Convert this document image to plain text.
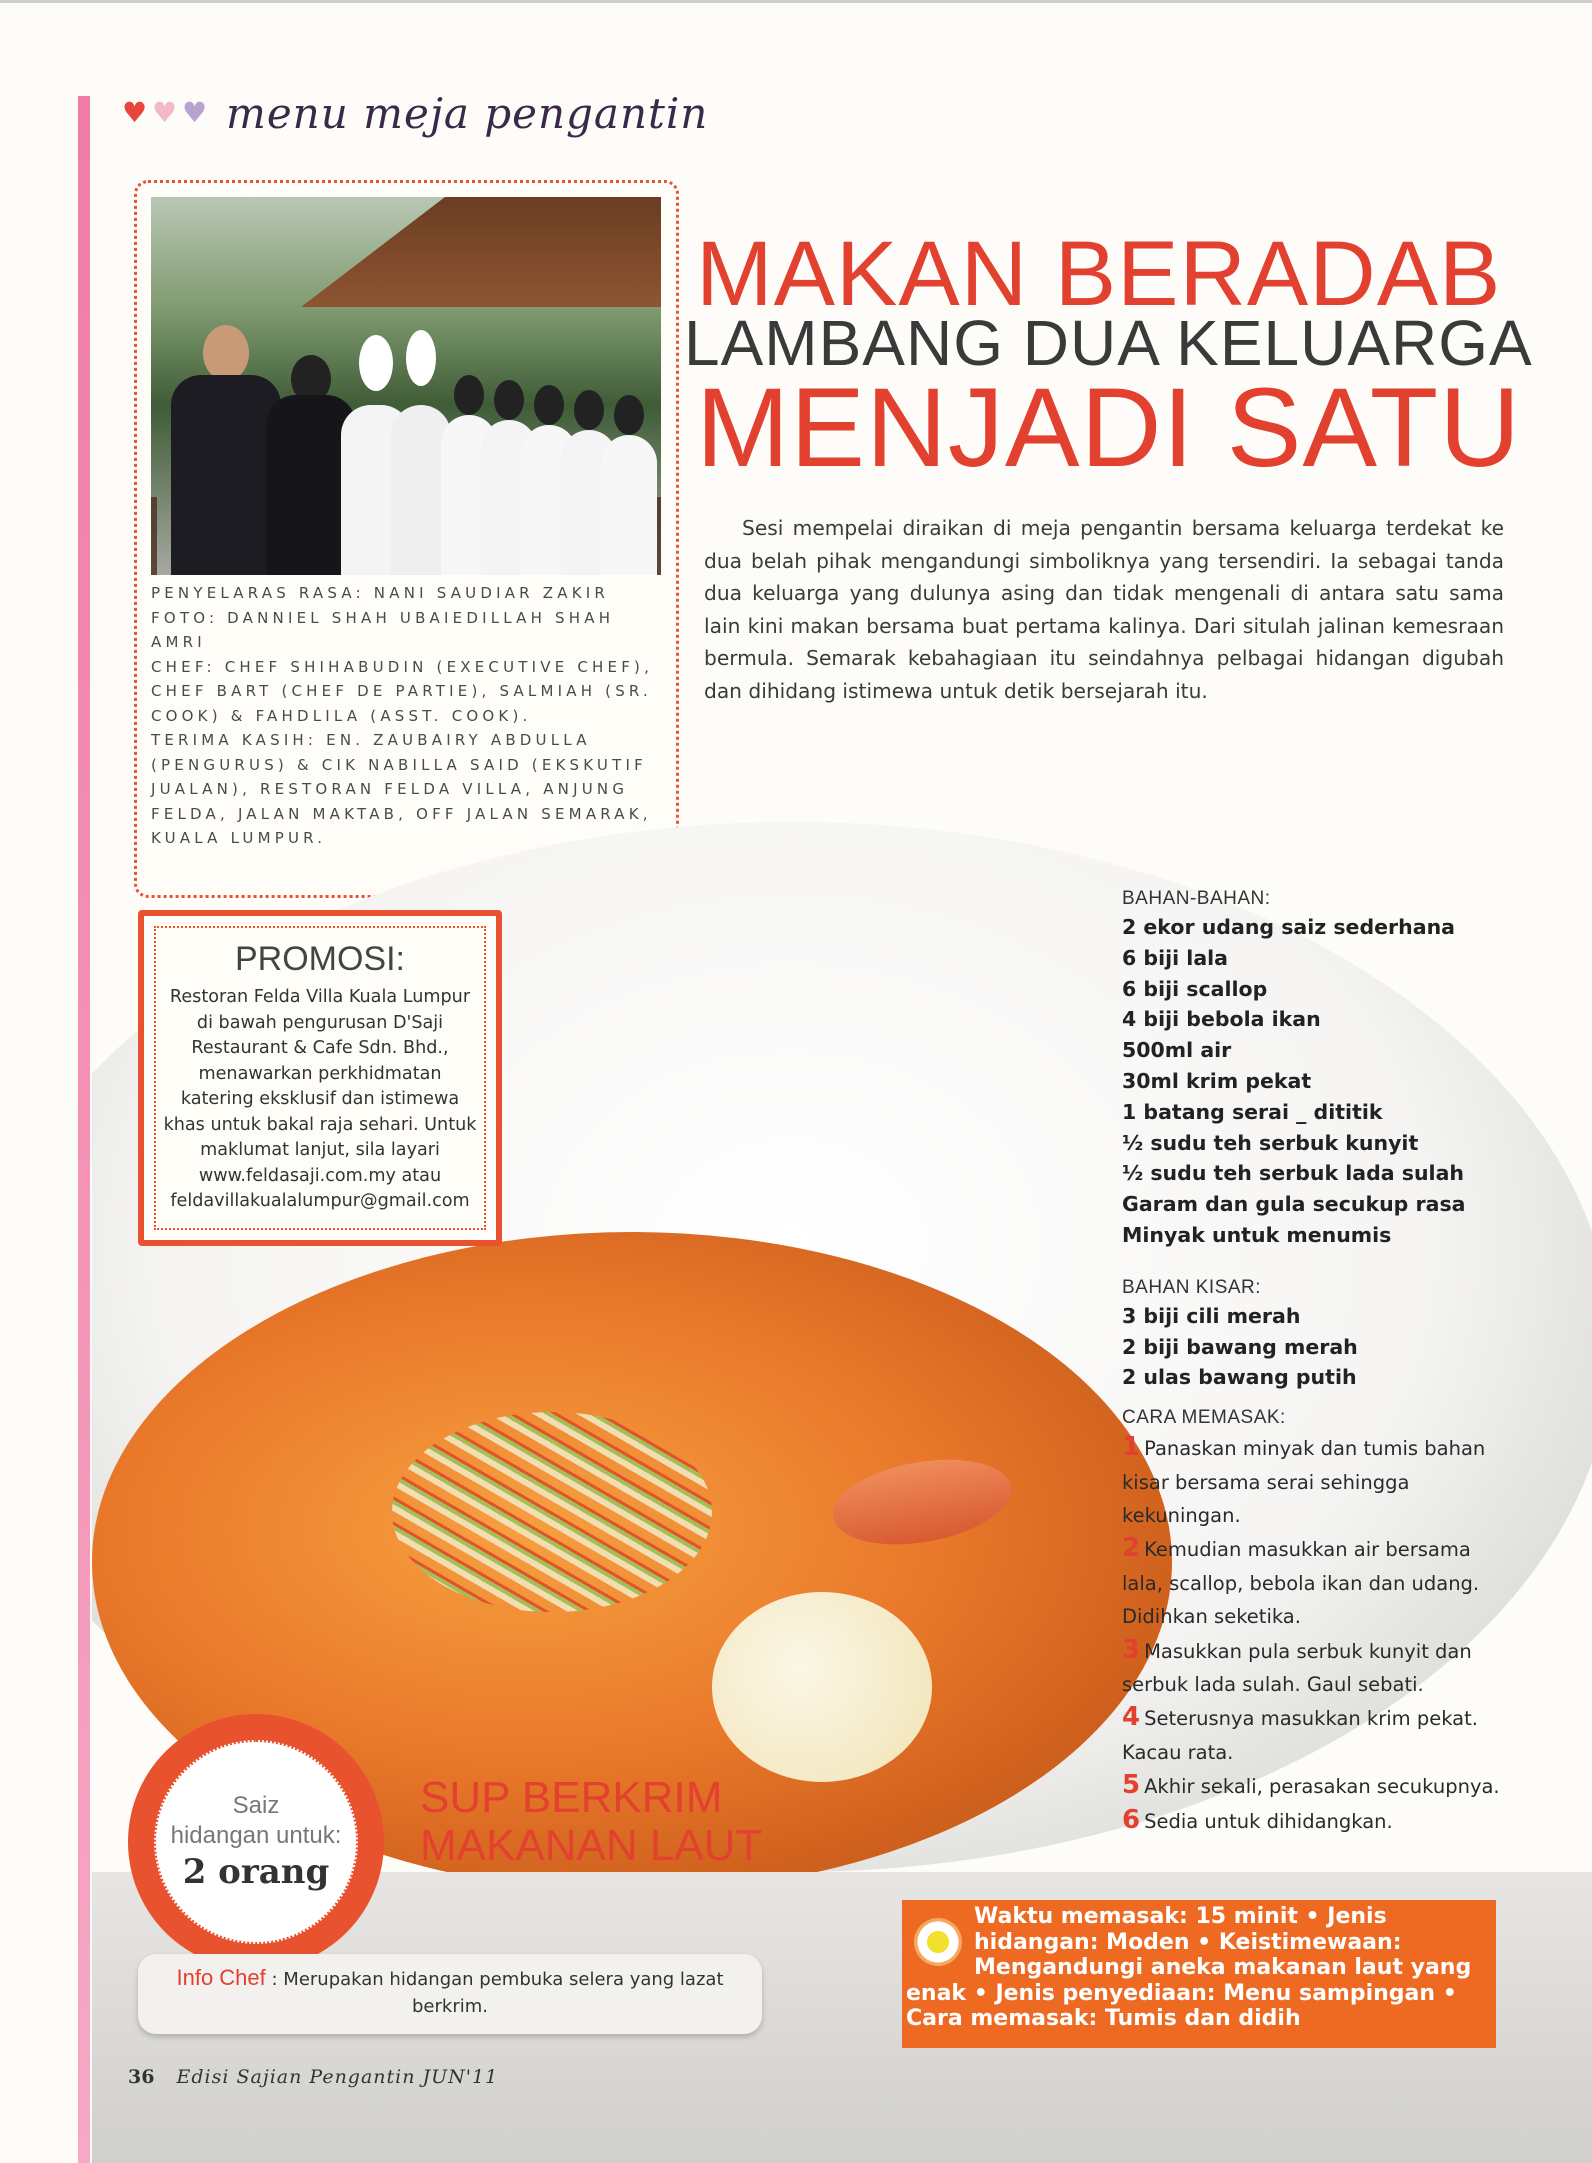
♥ ♥ ♥ menu meja pengantin

PENYELARAS RASA: NANI SAUDIAR ZAKIR

FOTO: DANNIEL SHAH UBAIEDILLAH SHAH AMRI

CHEF: CHEF SHIHABUDIN (EXECUTIVE CHEF), CHEF BART (CHEF DE PARTIE), SALMIAH (SR. COOK) & FAHDLILA (ASST. COOK).

TERIMA KASIH: EN. ZAUBAIRY ABDULLA (PENGURUS) & CIK NABILLA SAID (EKSKUTIF JUALAN), RESTORAN FELDA VILLA, ANJUNG FELDA, JALAN MAKTAB, OFF JALAN SEMARAK, KUALA LUMPUR.

MAKAN BERADAB
LAMBANG DUA KELUARGA
MENJADI SATU

Sesi mempelai diraikan di meja pengantin bersama keluarga terdekat ke dua belah pihak mengandungi simboliknya yang tersendiri. Ia sebagai tanda dua keluarga yang dulunya asing dan tidak mengenali di antara satu sama lain kini makan bersama buat pertama kalinya. Dari situlah jalinan kemesraan bermula. Semarak kebahagiaan itu seindahnya pelbagai hidangan digubah dan dihidang istimewa untuk detik bersejarah itu.

PROMOSI:
Restoran Felda Villa Kuala Lumpur di bawah pengurusan D'Saji Restaurant & Cafe Sdn. Bhd., menawarkan perkhidmatan katering eksklusif dan istimewa khas untuk bakal raja sehari. Untuk maklumat lanjut, sila layari www.feldasaji.com.my atau feldavillakualalumpur@gmail.com
BAHAN-BAHAN:
2 ekor udang saiz sederhana
6 biji lala
6 biji scallop
4 biji bebola ikan
500ml air
30ml krim pekat
1 batang serai _ dititik
½ sudu teh serbuk kunyit
½ sudu teh serbuk lada sulah
Garam dan gula secukup rasa
Minyak untuk menumis
BAHAN KISAR:
3 biji cili merah
2 biji bawang merah
2 ulas bawang putih
CARA MEMASAK:
1 Panaskan minyak dan tumis bahan kisar bersama serai sehingga kekuningan.
2 Kemudian masukkan air bersama lala, scallop, bebola ikan dan udang. Didihkan seketika.
3 Masukkan pula serbuk kunyit dan serbuk lada sulah. Gaul sebati.
4 Seterusnya masukkan krim pekat. Kacau rata.
5 Akhir sekali, perasakan secukupnya.
6 Sedia untuk dihidangkan.

Waktu memasak: 15 minit • Jenis

hidangan: Moden • Keistimewaan:

Mengandungi aneka makanan laut yang

enak • Jenis penyediaan: Menu sampingan •

Cara memasak: Tumis dan didih

Saiz
hidangan untuk:
2 orang
SUP BERKRIM
MAKANAN LAUT
Info Chef : Merupakan hidangan pembuka selera yang lazat berkrim.
36 Edisi Sajian Pengantin JUN'11
